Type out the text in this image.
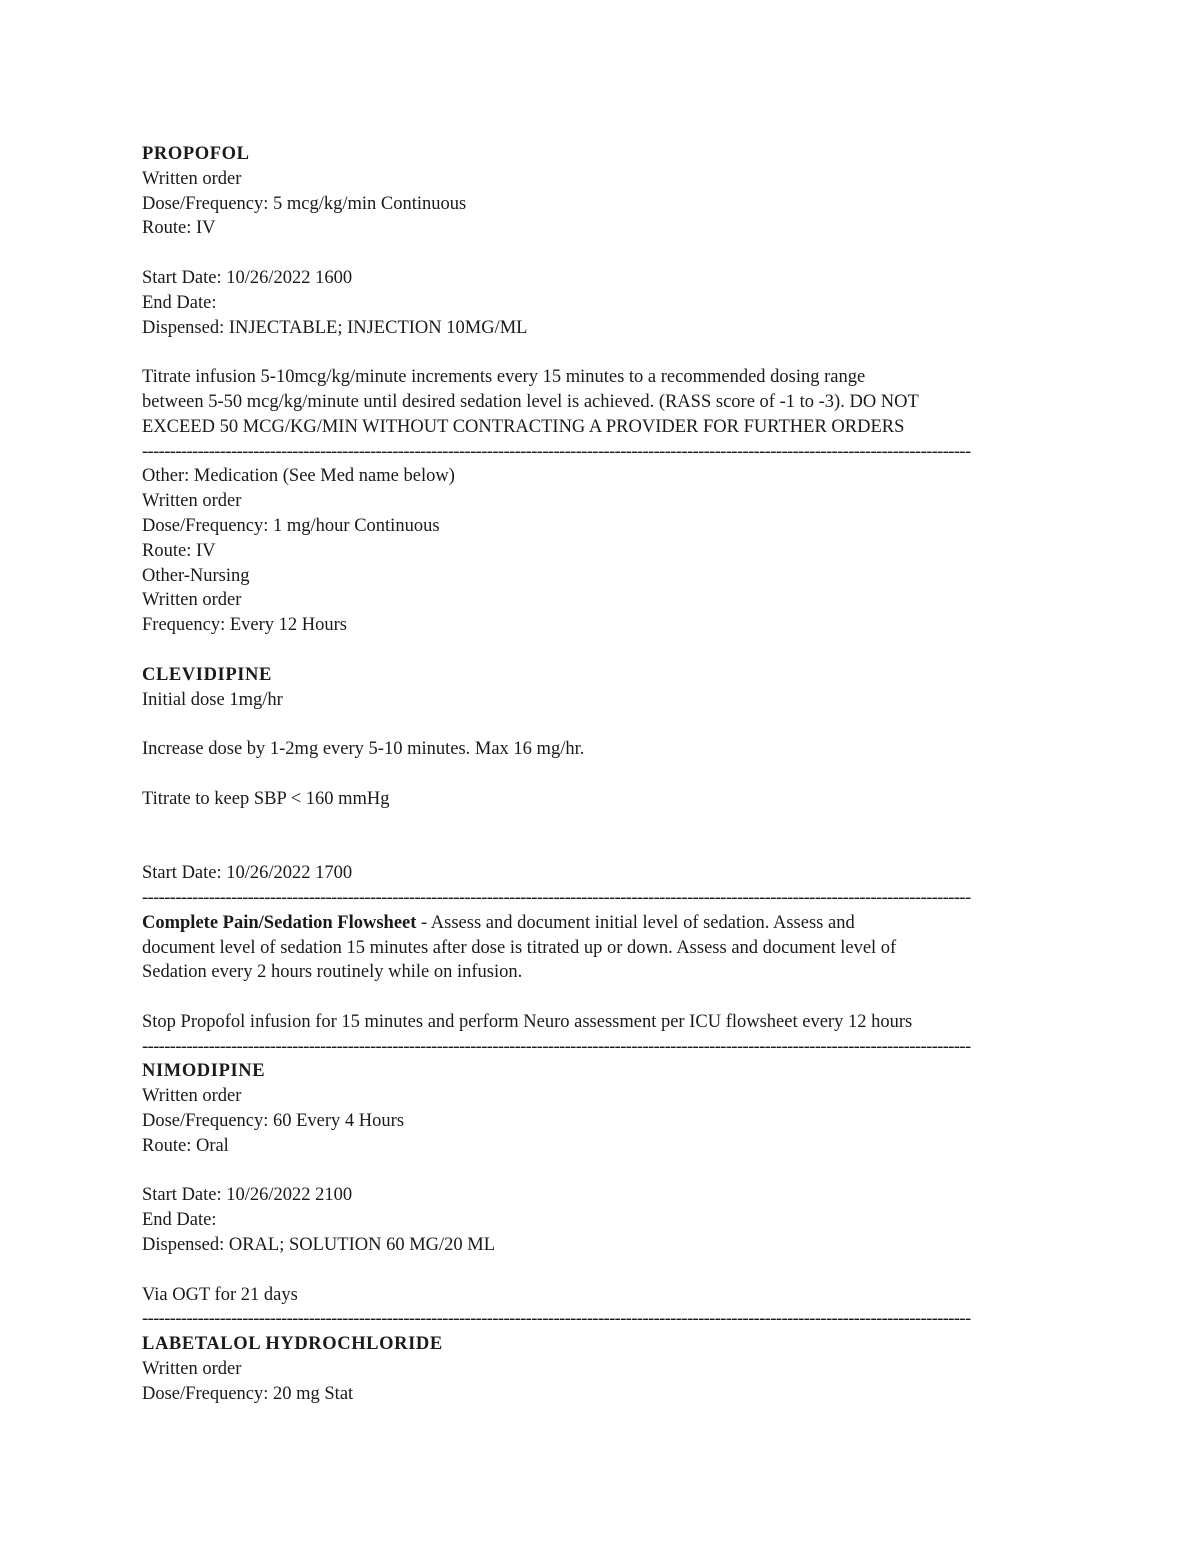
PROPOFOL
Written order
Dose/Frequency: 5 mcg/kg/min Continuous
Route: IV
Start Date: 10/26/2022 1600
End Date:
Dispensed: INJECTABLE; INJECTION 10MG/ML
Titrate infusion 5-10mcg/kg/minute increments every 15 minutes to a recommended dosing range
between 5-50 mcg/kg/minute until desired sedation level is achieved. (RASS score of -1 to -3). DO NOT
EXCEED 50 MCG/KG/MIN WITHOUT CONTRACTING A PROVIDER FOR FURTHER ORDERS
-----------------------------------------------------------------------------------------------------------------------------------------------------
Other: Medication (See Med name below)
Written order
Dose/Frequency: 1 mg/hour Continuous
Route: IV
Other-Nursing
Written order
Frequency: Every 12 Hours
CLEVIDIPINE
Initial dose 1mg/hr
Increase dose by 1-2mg every 5-10 minutes. Max 16 mg/hr.
Titrate to keep SBP < 160 mmHg
Start Date: 10/26/2022 1700
-----------------------------------------------------------------------------------------------------------------------------------------------------
Complete Pain/Sedation Flowsheet - Assess and document initial level of sedation. Assess and
document level of sedation 15 minutes after dose is titrated up or down. Assess and document level of
Sedation every 2 hours routinely while on infusion.
Stop Propofol infusion for 15 minutes and perform Neuro assessment per ICU flowsheet every 12 hours
-----------------------------------------------------------------------------------------------------------------------------------------------------
NIMODIPINE
Written order
Dose/Frequency: 60 Every 4 Hours
Route: Oral
Start Date: 10/26/2022 2100
End Date:
Dispensed: ORAL; SOLUTION 60 MG/20 ML
Via OGT for 21 days
-----------------------------------------------------------------------------------------------------------------------------------------------------
LABETALOL HYDROCHLORIDE
Written order
Dose/Frequency: 20 mg Stat
